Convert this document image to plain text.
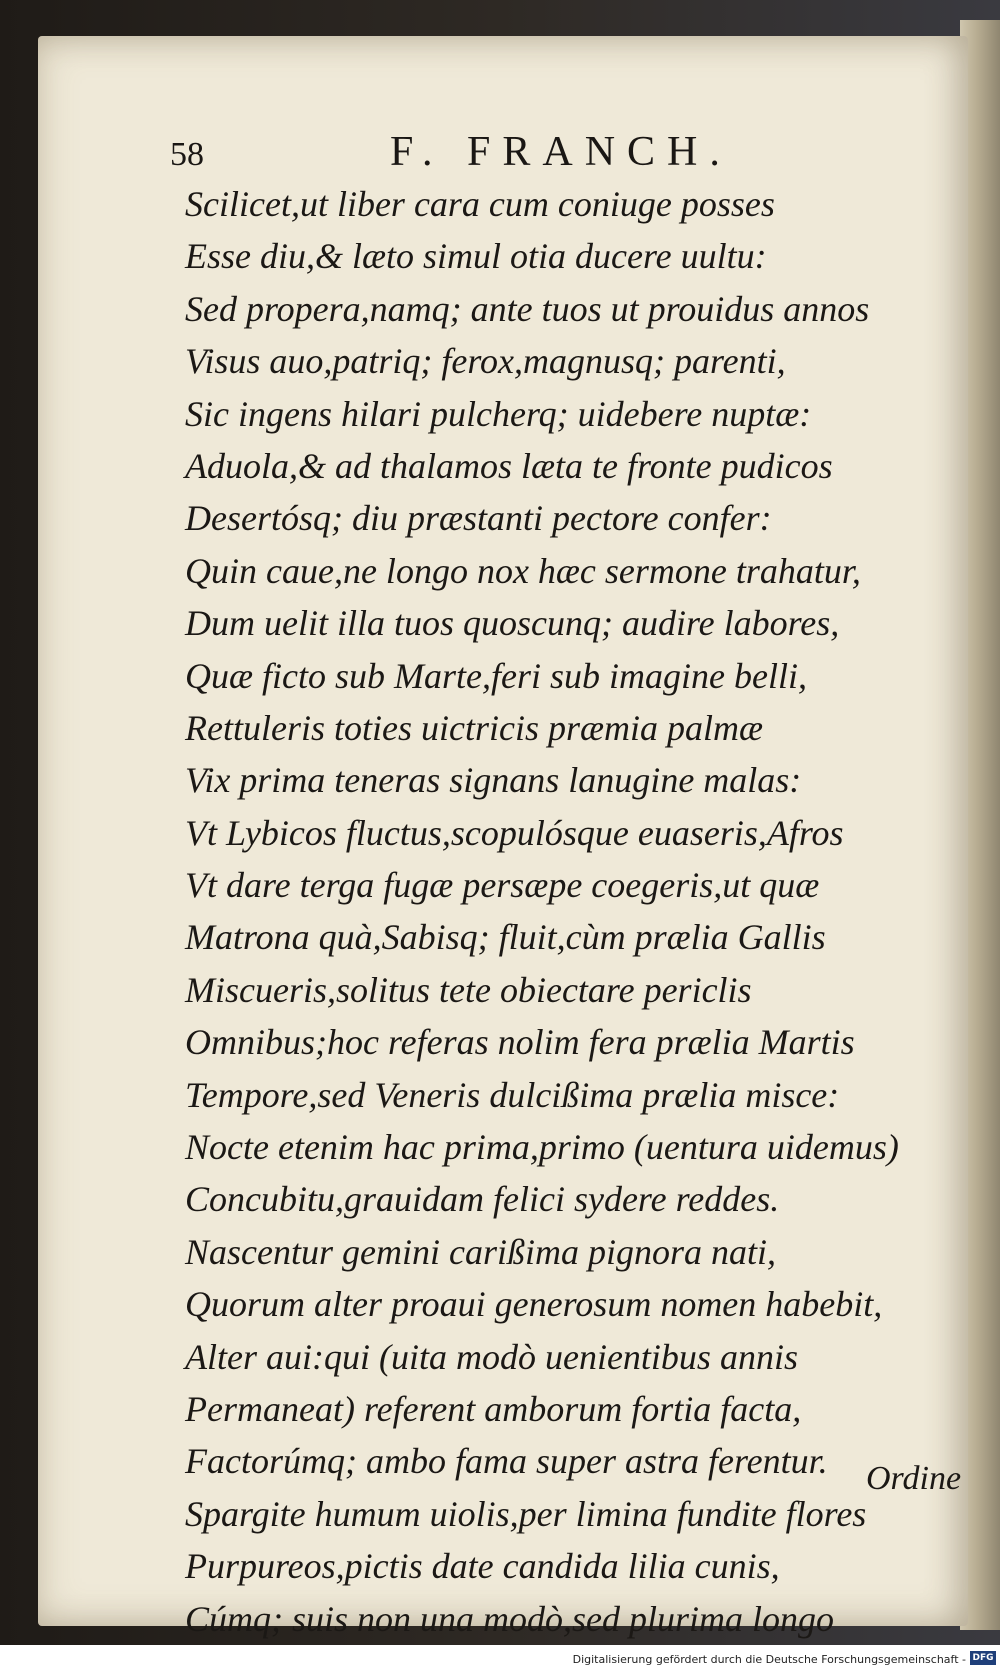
58	F. FRANCH.
Scilicet,ut liber cara cum coniuge posses
Esse diu,& læto simul otia ducere uultu:
Sed propera,namq; ante tuos ut prouidus annos
Visus auo,patriq; ferox,magnusq; parenti,
Sic ingens hilari pulcherq; uidebere nuptæ:
Aduola,& ad thalamos læta te fronte pudicos
Desertósq; diu præstanti pectore confer:
Quin caue,ne longo nox hæc sermone trahatur,
Dum uelit illa tuos quoscunq; audire labores,
Quæ ficto sub Marte,feri sub imagine belli,
Rettuleris toties uictricis præmia palmæ
Vix prima teneras signans lanugine malas:
Vt Lybicos fluctus,scopulósque euaseris,Afros
Vt dare terga fugæ persæpe coegeris,ut quæ
Matrona quà,Sabisq; fluit,cùm prælia Gallis
Miscueris,solitus tete obiectare periclis
Omnibus;hoc referas nolim fera prælia Martis
Tempore,sed Veneris dulcißima prælia misce:
Nocte etenim hac prima,primo (uentura uidemus)
Concubitu,grauidam felici sydere reddes.
Nascentur gemini carißima pignora nati,
Quorum alter proaui generosum nomen habebit,
Alter aui:qui (uita modò uenientibus annis
Permaneat) referent amborum fortia facta,
Factorúmq; ambo fama super astra ferentur.
Spargite humum uiolis,per limina fundite flores
Purpureos,pictis date candida lilia cunis,
Cúmq; suis non una modò,sed plurima longo
Ordine
Digitalisierung gefördert durch die Deutsche Forschungsgemeinschaft - DFG
